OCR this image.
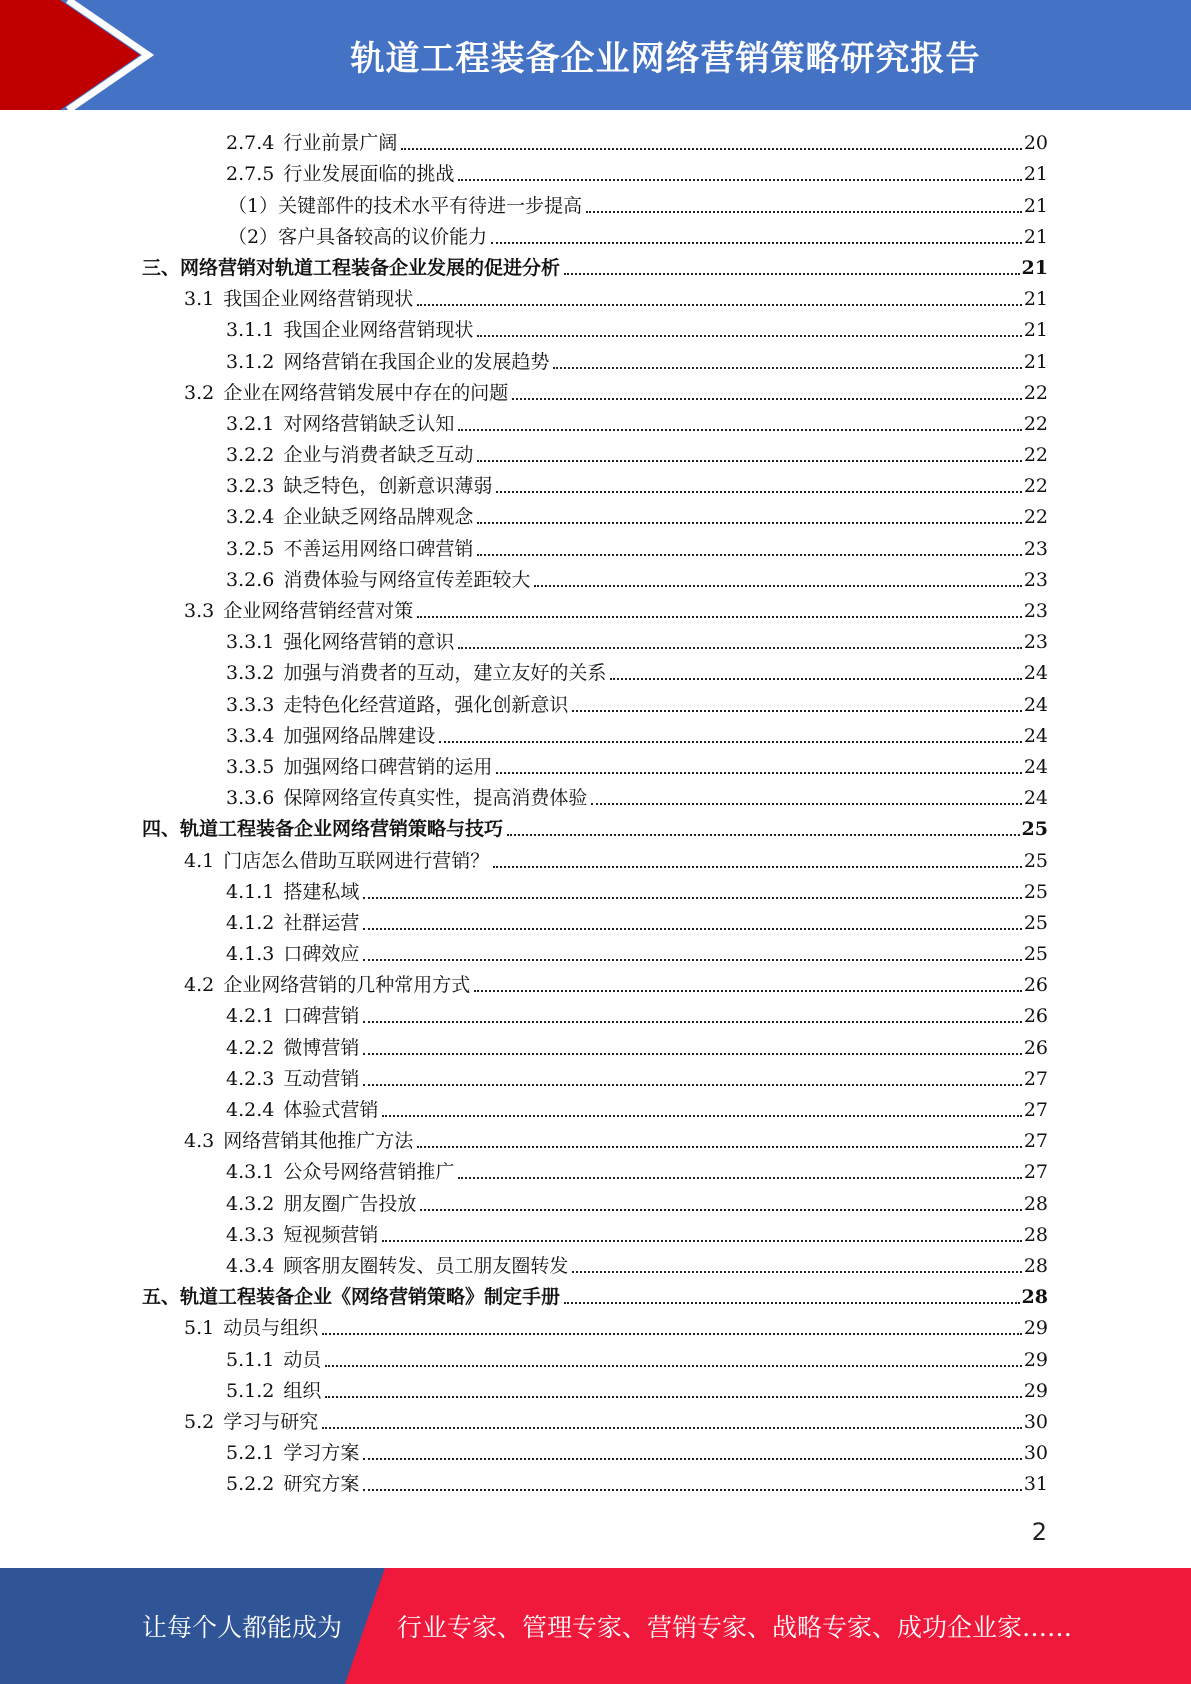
轨道工程装备企业网络营销策略研究报告
2.7.4 行业前景广阔	20
2.7.5 行业发展面临的挑战	21
（1）关键部件的技术水平有待进一步提高	21
（2）客户具备较高的议价能力	21
三、网络营销对轨道工程装备企业发展的促进分析	21
3.1 我国企业网络营销现状	21
3.1.1 我国企业网络营销现状	21
3.1.2 网络营销在我国企业的发展趋势	21
3.2 企业在网络营销发展中存在的问题	22
3.2.1 对网络营销缺乏认知	22
3.2.2 企业与消费者缺乏互动	22
3.2.3 缺乏特色，创新意识薄弱	22
3.2.4 企业缺乏网络品牌观念	22
3.2.5 不善运用网络口碑营销	23
3.2.6 消费体验与网络宣传差距较大	23
3.3 企业网络营销经营对策	23
3.3.1 强化网络营销的意识	23
3.3.2 加强与消费者的互动，建立友好的关系	24
3.3.3 走特色化经营道路，强化创新意识	24
3.3.4 加强网络品牌建设	24
3.3.5 加强网络口碑营销的运用	24
3.3.6 保障网络宣传真实性，提高消费体验	24
四、轨道工程装备企业网络营销策略与技巧	25
4.1 门店怎么借助互联网进行营销？	25
4.1.1 搭建私域	25
4.1.2 社群运营	25
4.1.3 口碑效应	25
4.2 企业网络营销的几种常用方式	26
4.2.1 口碑营销	26
4.2.2 微博营销	26
4.2.3 互动营销	27
4.2.4 体验式营销	27
4.3 网络营销其他推广方法	27
4.3.1 公众号网络营销推广	27
4.3.2 朋友圈广告投放	28
4.3.3 短视频营销	28
4.3.4 顾客朋友圈转发、员工朋友圈转发	28
五、轨道工程装备企业《网络营销策略》制定手册	28
5.1 动员与组织	29
5.1.1 动员	29
5.1.2 组织	29
5.2 学习与研究	30
5.2.1 学习方案	30
5.2.2 研究方案	31
2
让每个人都能成为 行业专家、管理专家、营销专家、战略专家、成功企业家……
